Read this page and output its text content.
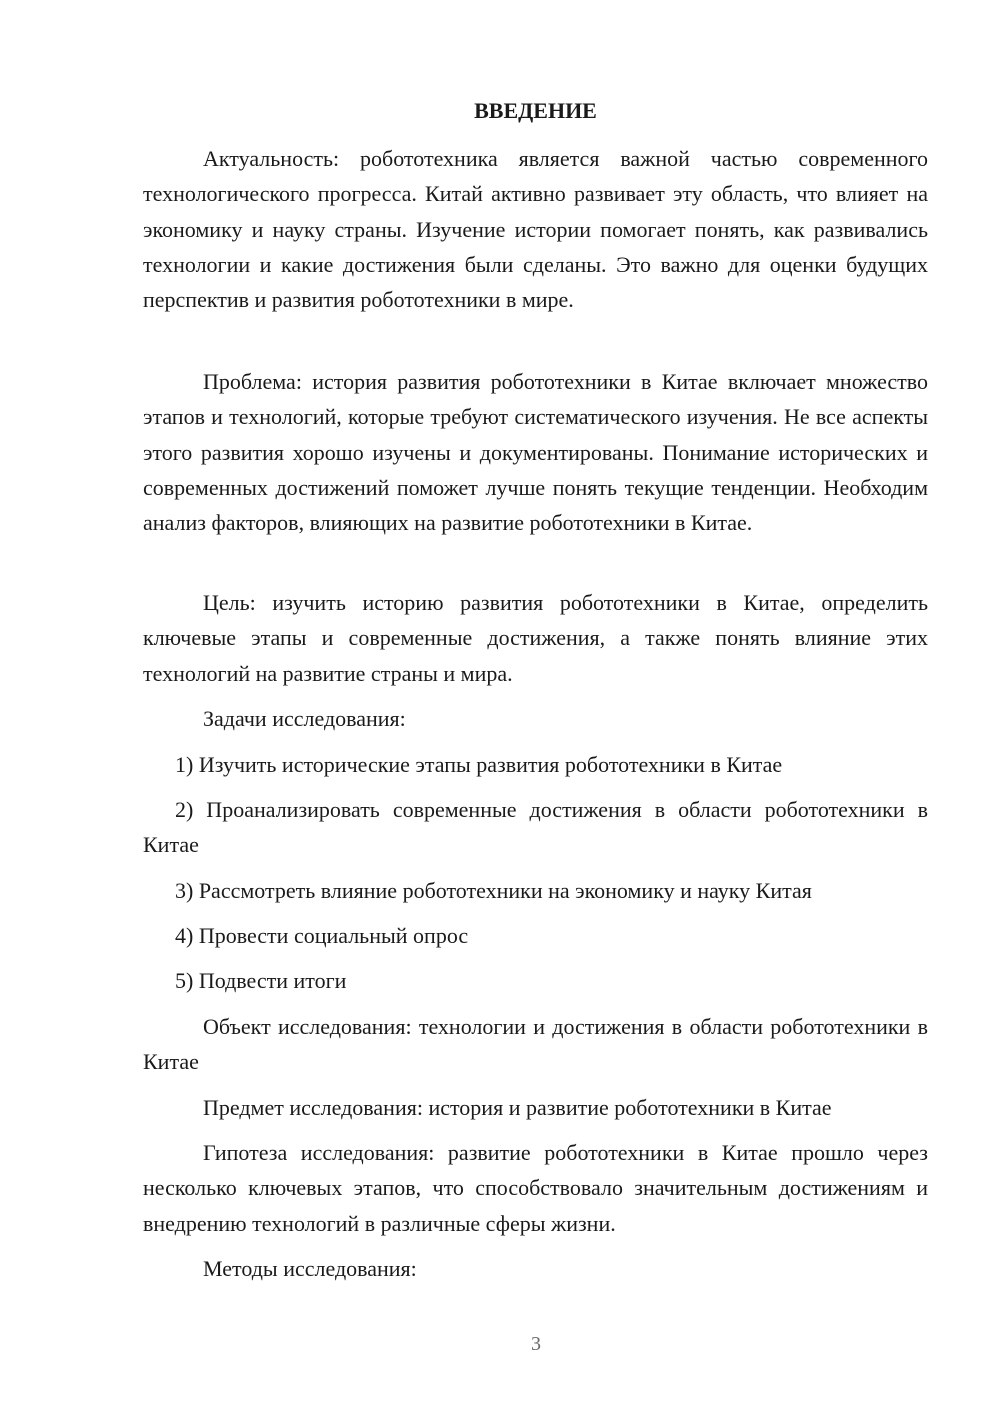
ВВЕДЕНИЕ

Актуальность: робототехника является важной частью современного технологического прогресса. Китай активно развивает эту область, что влияет на экономику и науку страны. Изучение истории помогает понять, как развивались технологии и какие достижения были сделаны. Это важно для оценки будущих перспектив и развития робототехники в мире.

Проблема: история развития робототехники в Китае включает множество этапов и технологий, которые требуют систематического изучения. Не все аспекты этого развития хорошо изучены и документированы. Понимание исторических и современных достижений поможет лучше понять текущие тенденции. Необходим анализ факторов, влияющих на развитие робототехники в Китае.

Цель: изучить историю развития робототехники в Китае, определить ключевые этапы и современные достижения, а также понять влияние этих технологий на развитие страны и мира.

Задачи исследования:

1) Изучить исторические этапы развития робототехники в Китае

2) Проанализировать современные достижения в области робототехники в Китае

3) Рассмотреть влияние робототехники на экономику и науку Китая

4) Провести социальный опрос

5) Подвести итоги

Объект исследования: технологии и достижения в области робототехники в Китае

Предмет исследования: история и развитие робототехники в Китае

Гипотеза исследования: развитие робототехники в Китае прошло через несколько ключевых этапов, что способствовало значительным достижениям и внедрению технологий в различные сферы жизни.

Методы исследования:

3
